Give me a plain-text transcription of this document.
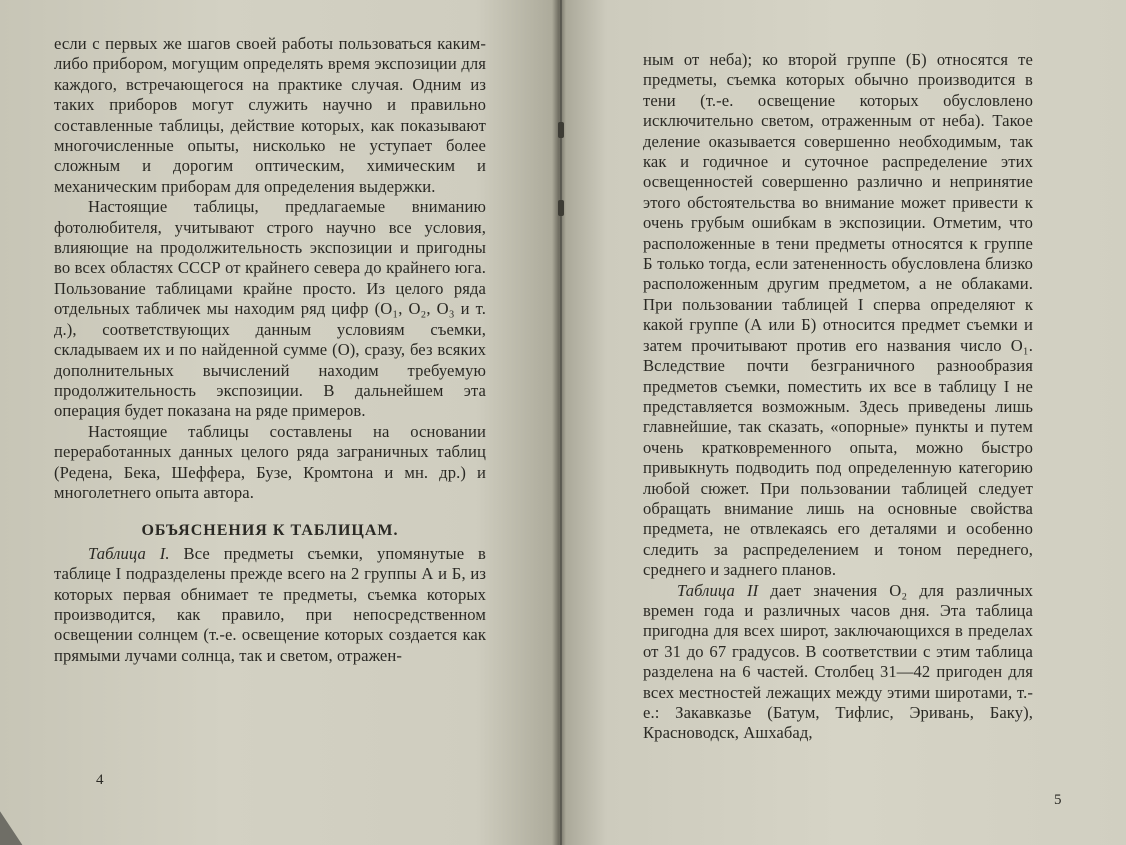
если с первых же шагов своей работы пользоваться каким-либо прибором, могущим определять время экспозиции для каждого, встречающегося на практике случая. Одним из таких приборов могут служить научно и правильно составленные таблицы, действие которых, как показывают многочисленные опыты, нисколько не уступает более сложным и дорогим оптическим, химическим и механическим приборам для определения выдержки.

Настоящие таблицы, предлагаемые вниманию фотолюбителя, учитывают строго научно все условия, влияющие на продолжительность экспозиции и пригодны во всех областях СССР от крайнего севера до крайнего юга. Пользование таблицами крайне просто. Из целого ряда отдельных табличек мы находим ряд цифр (O₁, O₂, O₃ и т. д.), соответствующих данным условиям съемки, складываем их и по найденной сумме (O), сразу, без всяких дополнительных вычислений находим требуемую продолжительность экспозиции. В дальнейшем эта операция будет показана на ряде примеров.

Настоящие таблицы составлены на основании переработанных данных целого ряда заграничных таблиц (Редена, Бека, Шеффера, Бузе, Кромтона и мн. др.) и многолетнего опыта автора.

ОБЪЯСНЕНИЯ К ТАБЛИЦАМ.

Таблица I. Все предметы съемки, упомянутые в таблице I подразделены прежде всего на 2 группы А и Б, из которых первая обнимает те предметы, съемка которых производится, как правило, при непосредственном освещении солнцем (т.-е. освещение которых создается как прямыми лучами солнца, так и светом, отражен-

4

ным от неба); ко второй группе (Б) относятся те предметы, съемка которых обычно производится в тени (т.-е. освещение которых обусловлено исключительно светом, отраженным от неба). Такое деление оказывается совершенно необходимым, так как и годичное и суточное распределение этих освещенностей совершенно различно и непринятие этого обстоятельства во внимание может привести к очень грубым ошибкам в экспозиции. Отметим, что расположенные в тени предметы относятся к группе Б только тогда, если затененность обусловлена близко расположенным другим предметом, а не облаками. При пользовании таблицей I сперва определяют к какой группе (А или Б) относится предмет съемки и затем прочитывают против его названия число O₁. Вследствие почти безграничного разнообразия предметов съемки, поместить их все в таблицу I не представляется возможным. Здесь приведены лишь главнейшие, так сказать, «опорные» пункты и путем очень кратковременного опыта, можно быстро привыкнуть подводить под определенную категорию любой сюжет. При пользовании таблицей следует обращать внимание лишь на основные свойства предмета, не отвлекаясь его деталями и особенно следить за распределением и тоном переднего, среднего и заднего планов.

Таблица II дает значения O₂ для различных времен года и различных часов дня. Эта таблица пригодна для всех широт, заключающихся в пределах от 31 до 67 градусов. В соответствии с этим таблица разделена на 6 частей. Столбец 31—42 пригоден для всех местностей лежащих между этими широтами, т.-е.: Закавказье (Батум, Тифлис, Эривань, Баку), Красноводск, Ашхабад,

5
